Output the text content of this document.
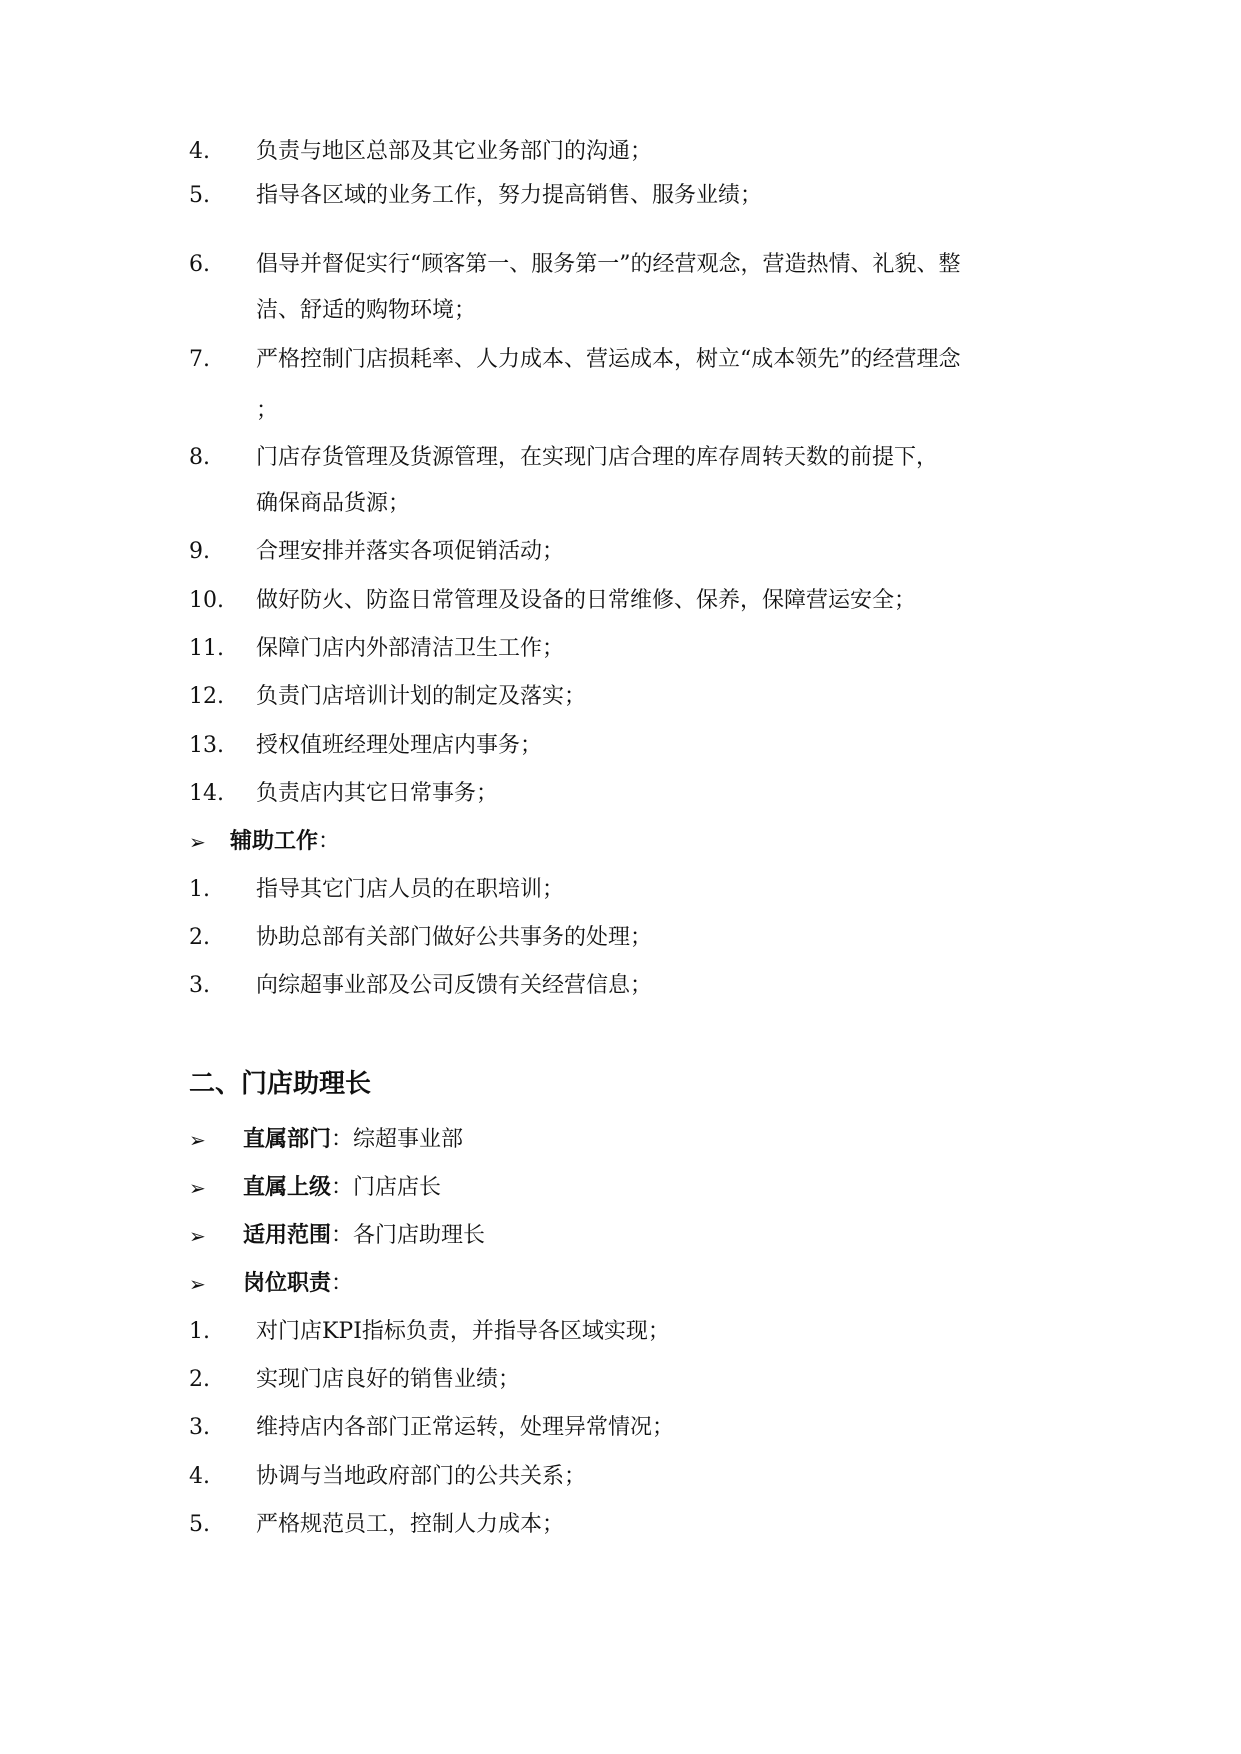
4. 负责与地区总部及其它业务部门的沟通；
5. 指导各区域的业务工作，努力提高销售、服务业绩；
6. 倡导并督促实行“顾客第一、服务第一”的经营观念，营造热情、礼貌、整
洁、舒适的购物环境；
7. 严格控制门店损耗率、人力成本、营运成本，树立“成本领先”的经营理念
；
8. 门店存货管理及货源管理，在实现门店合理的库存周转天数的前提下，
确保商品货源；
9. 合理安排并落实各项促销活动；
10. 做好防火、防盗日常管理及设备的日常维修、保养，保障营运安全；
11. 保障门店内外部清洁卫生工作；
12. 负责门店培训计划的制定及落实；
13. 授权值班经理处理店内事务；
14. 负责店内其它日常事务；
➢ 辅助工作：
1. 指导其它门店人员的在职培训；
2. 协助总部有关部门做好公共事务的处理；
3. 向综超事业部及公司反馈有关经营信息；
二、门店助理长
➢ 直属部门：综超事业部
➢ 直属上级：门店店长
➢ 适用范围：各门店助理长
➢ 岗位职责：
1. 对门店KPI指标负责，并指导各区域实现；
2. 实现门店良好的销售业绩；
3. 维持店内各部门正常运转，处理异常情况；
4. 协调与当地政府部门的公共关系；
5. 严格规范员工，控制人力成本；
